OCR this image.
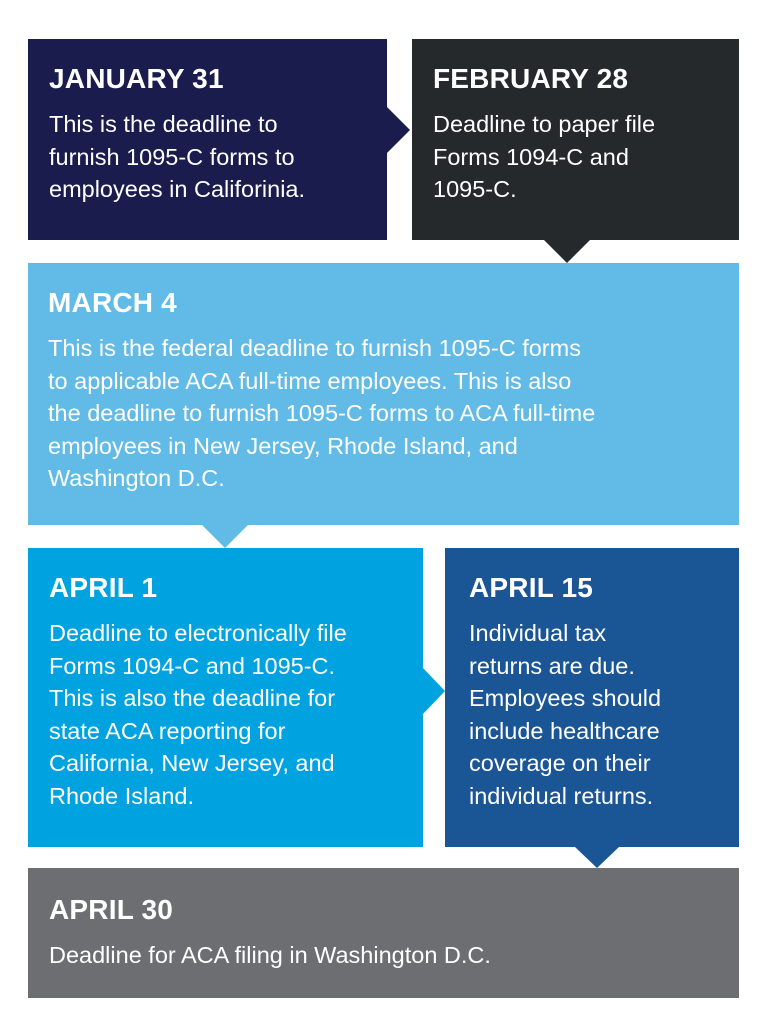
JANUARY 31

This is the deadline to
furnish 1095-C forms to
employees in Califorinia.

FEBRUARY 28

Deadline to paper file
Forms 1094-C and
1095-C.

MARCH 4

This is the federal deadline to furnish 1095-C forms
to applicable ACA full-time employees. This is also
the deadline to furnish 1095-C forms to ACA full-time
employees in New Jersey, Rhode Island, and
Washington D.C.

APRIL 1

Deadline to electronically file
Forms 1094-C and 1095-C.
This is also the deadline for
state ACA reporting for
California, New Jersey, and
Rhode Island.

APRIL 15

Individual tax
returns are due.
Employees should
include healthcare
coverage on their
individual returns.

APRIL 30

Deadline for ACA filing in Washington D.C.
